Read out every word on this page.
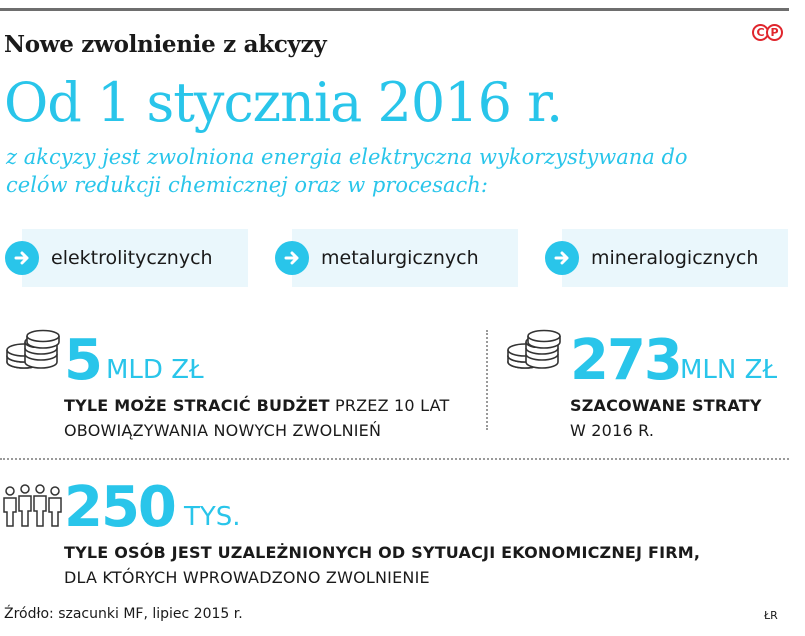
Nowe zwolnienie z akcyzy	C P
Od 1 stycznia 2016 r.
z akcyzy jest zwolniona energia elektryczna wykorzystywana do celów redukcji chemicznej oraz w procesach:
elektrolitycznych	metalurgicznych	mineralogicznych
5 MLD ZŁ
TYLE MOŻE STRACIĆ BUDŻET PRZEZ 10 LAT
OBOWIĄZYWANIA NOWYCH ZWOLNIEŃ
273 MLN ZŁ
SZACOWANE STRATY
W 2016 R.
250 TYS.
TYLE OSÓB JEST UZALEŻNIONYCH OD SYTUACJI EKONOMICZNEJ FIRM,
DLA KTÓRYCH WPROWADZONO ZWOLNIENIE
Źródło: szacunki MF, lipiec 2015 r.	ŁR
